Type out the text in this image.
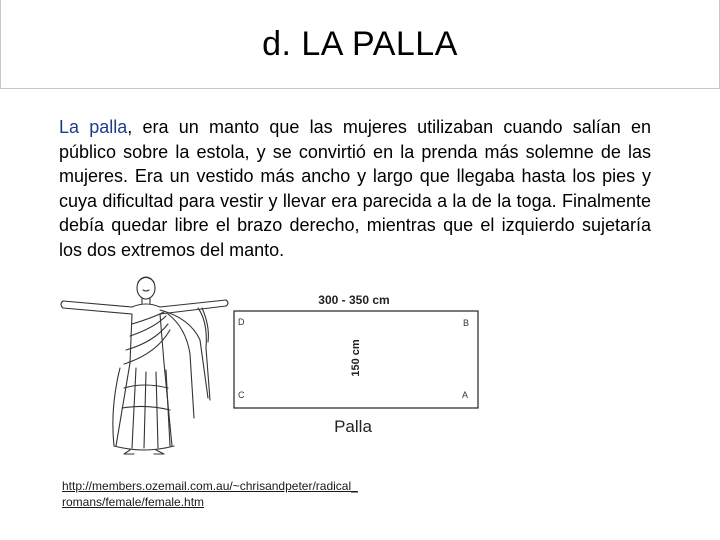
d. LA PALLA

La palla, era un manto que las mujeres utilizaban cuando salían en público sobre la estola, y se convirtió en la prenda más solemne de las mujeres. Era un vestido más ancho y largo que llegaba hasta los pies y cuya dificultad para vestir y llevar era parecida a la de la toga. Finalmente debía quedar libre el brazo derecho, mientras que el izquierdo sujetaría los dos extremos del manto.

300 - 350 cm
150 cm
D	B
C	A
Palla
http://members.ozemail.com.au/~chrisandpeter/radical_
romans/female/female.htm
